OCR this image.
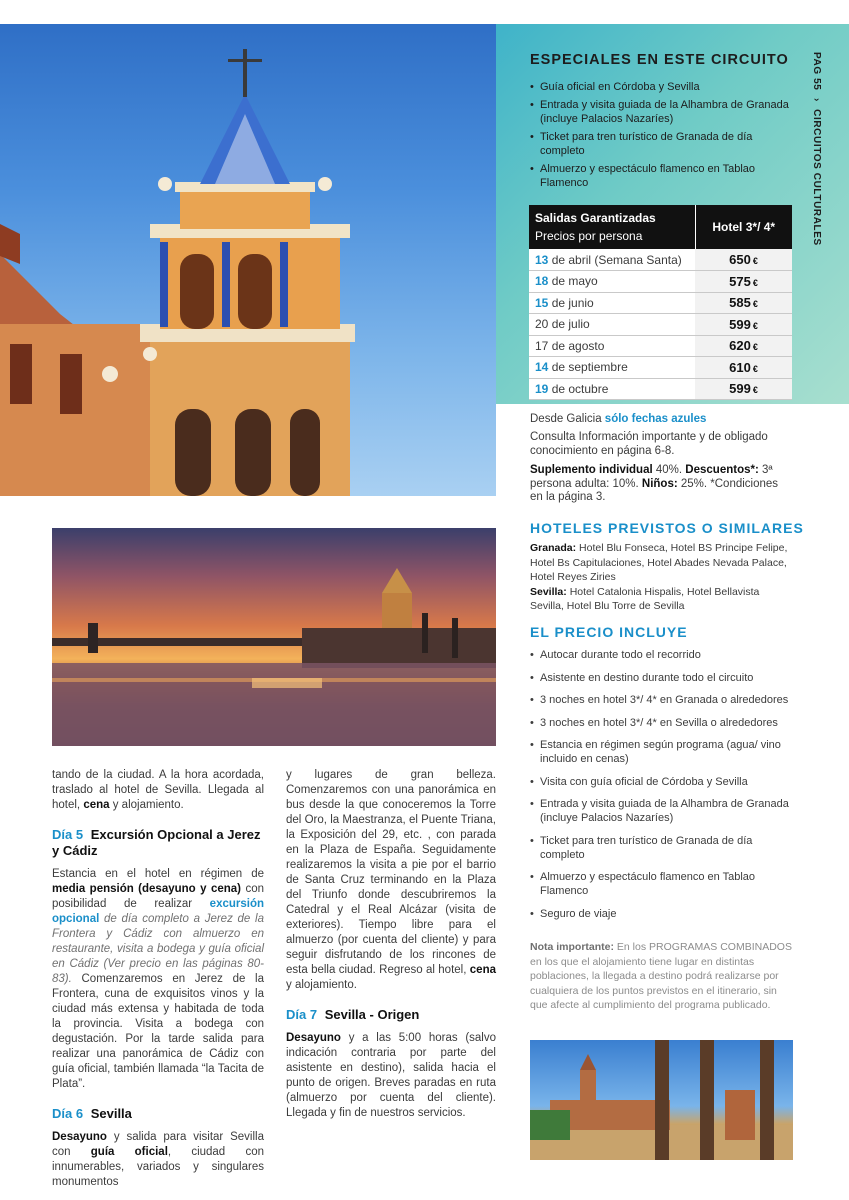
PAG 55 › CIRCUITOS CULTURALES
ESPECIALES EN ESTE CIRCUITO
• Guía oficial en Córdoba y Sevilla
• Entrada y visita guiada de la Alhambra de Granada (incluye Palacios Nazaríes)
• Ticket para tren turístico de Granada de día completo
• Almuerzo y espectáculo flamenco en Tablao Flamenco
Salidas Garantizadas
Precios por persona	Hotel 3*/ 4*
13 de abril (Semana Santa)	650 €
18 de mayo	575 €
15 de junio	585 €
20 de julio	599 €
17 de agosto	620 €
14 de septiembre	610 €
19 de octubre	599 €
Desde Galicia sólo fechas azules
Consulta Información importante y de obligado conocimiento en página 6-8.
Suplemento individual 40%. Descuentos*: 3ª persona adulta: 10%. Niños: 25%. *Condiciones en la página 3.
HOTELES PREVISTOS O SIMILARES
Granada: Hotel Blu Fonseca, Hotel BS Principe Felipe, Hotel Bs Capitulaciones, Hotel Abades Nevada Palace, Hotel Reyes Ziries
Sevilla: Hotel Catalonia Hispalis, Hotel Bellavista Sevilla, Hotel Blu Torre de Sevilla
EL PRECIO INCLUYE
• Autocar durante todo el recorrido
• Asistente en destino durante todo el circuito
• 3 noches en hotel 3*/ 4* en Granada o alrededores
• 3 noches en hotel 3*/ 4* en Sevilla o alrededores
• Estancia en régimen según programa (agua/ vino incluido en cenas)
• Visita con guía oficial de Córdoba y Sevilla
• Entrada y visita guiada de la Alhambra de Granada (incluye Palacios Nazaríes)
• Ticket para tren turístico de Granada de día completo
• Almuerzo y espectáculo flamenco en Tablao Flamenco
• Seguro de viaje
Nota importante: En los PROGRAMAS COMBINADOS en los que el alojamiento tiene lugar en distintas poblaciones, la llegada a destino podrá realizarse por cualquiera de los puntos previstos en el itinerario, sin que afecte al cumplimiento del programa publicado.

tando de la ciudad. A la hora acordada, traslado al hotel de Sevilla. Llegada al hotel, cena y alojamiento.

Día 5 Excursión Opcional a Jerez y Cádiz

Estancia en el hotel en régimen de media pensión (desayuno y cena) con posibilidad de realizar excursión opcional de día completo a Jerez de la Frontera y Cádiz con almuerzo en restaurante, visita a bodega y guía oficial en Cádiz (Ver precio en las páginas 80-83). Comenzaremos en Jerez de la Frontera, cuna de exquisitos vinos y la ciudad más extensa y habitada de toda la provincia. Visita a bodega con degustación. Por la tarde salida para realizar una panorámica de Cádiz con guía oficial, también llamada “la Tacita de Plata”.

Día 6 Sevilla

Desayuno y salida para visitar Sevilla con guía oficial, ciudad con innumerables, variados y singulares monumentos

y lugares de gran belleza. Comenzaremos con una panorámica en bus desde la que conoceremos la Torre del Oro, la Maestranza, el Puente Triana, la Exposición del 29, etc. , con parada en la Plaza de España. Seguidamente realizaremos la visita a pie por el barrio de Santa Cruz terminando en la Plaza del Triunfo donde descubriremos la Catedral y el Real Alcázar (visita de exteriores). Tiempo libre para el almuerzo (por cuenta del cliente) y para seguir disfrutando de los rincones de esta bella ciudad. Regreso al hotel, cena y alojamiento.

Día 7 Sevilla - Origen

Desayuno y a las 5:00 horas (salvo indicación contraria por parte del asistente en destino), salida hacia el punto de origen. Breves paradas en ruta (almuerzo por cuenta del cliente). Llegada y fin de nuestros servicios.
